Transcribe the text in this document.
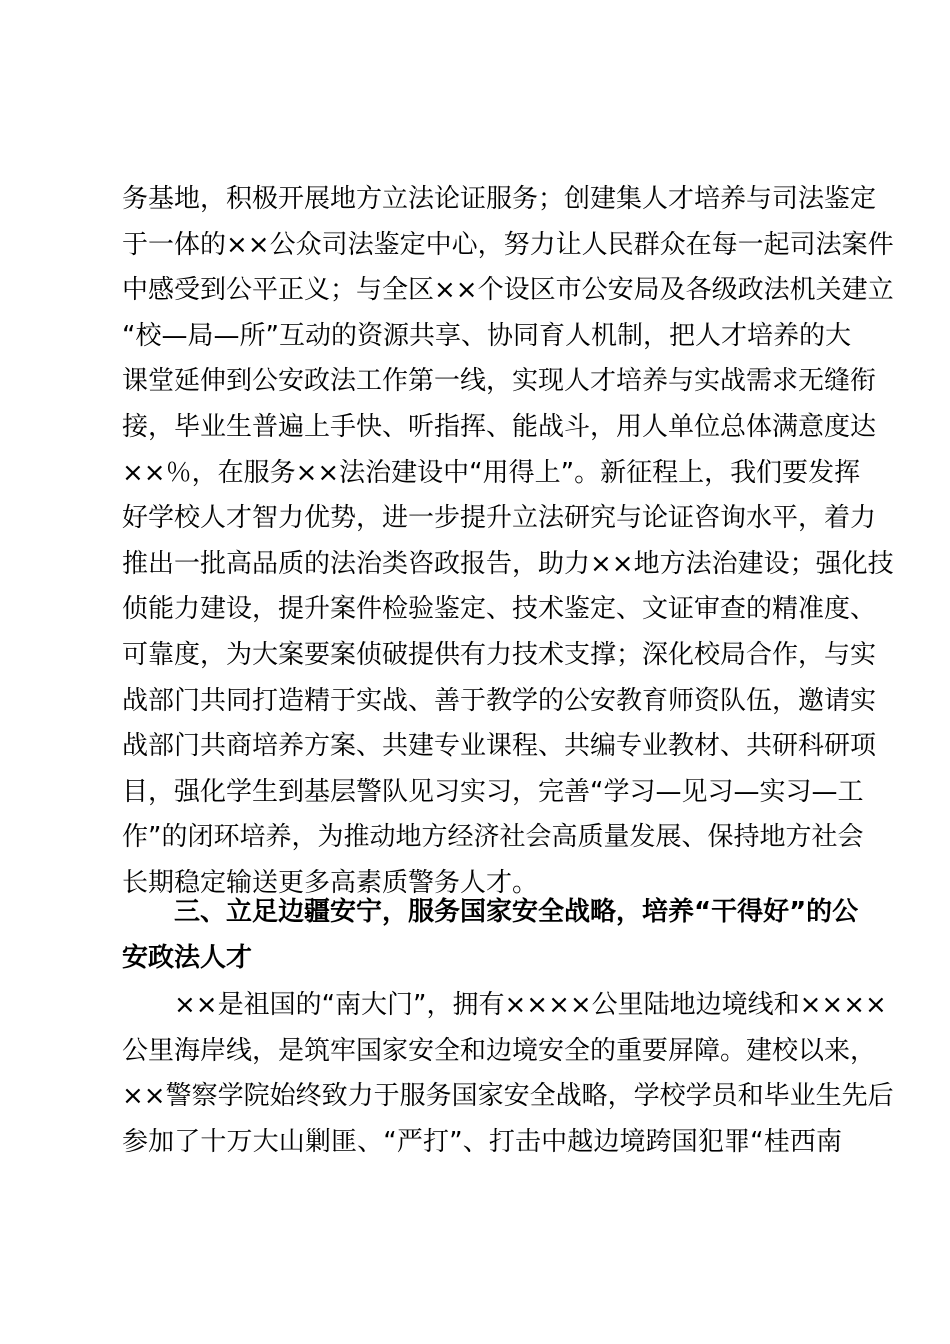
务基地，积极开展地方立法论证服务；创建集人才培养与司法鉴定
于一体的××公众司法鉴定中心，努力让人民群众在每一起司法案件
中感受到公平正义；与全区××个设区市公安局及各级政法机关建立
“校—局—所”互动的资源共享、协同育人机制，把人才培养的大
课堂延伸到公安政法工作第一线，实现人才培养与实战需求无缝衔
接，毕业生普遍上手快、听指挥、能战斗，用人单位总体满意度达
××％，在服务××法治建设中“用得上”。新征程上，我们要发挥
好学校人才智力优势，进一步提升立法研究与论证咨询水平，着力
推出一批高品质的法治类咨政报告，助力××地方法治建设；强化技
侦能力建设，提升案件检验鉴定、技术鉴定、文证审查的精准度、
可靠度，为大案要案侦破提供有力技术支撑；深化校局合作，与实
战部门共同打造精于实战、善于教学的公安教育师资队伍，邀请实
战部门共商培养方案、共建专业课程、共编专业教材、共研科研项
目，强化学生到基层警队见习实习，完善“学习—见习—实习—工
作”的闭环培养，为推动地方经济社会高质量发展、保持地方社会
长期稳定输送更多高素质警务人才。
三、立足边疆安宁，服务国家安全战略，培养“干得好”的公
安政法人才
××是祖国的“南大门”，拥有××××公里陆地边境线和××××
公里海岸线，是筑牢国家安全和边境安全的重要屏障。建校以来，
××警察学院始终致力于服务国家安全战略，学校学员和毕业生先后
参加了十万大山剿匪、“严打”、打击中越边境跨国犯罪“桂西南
